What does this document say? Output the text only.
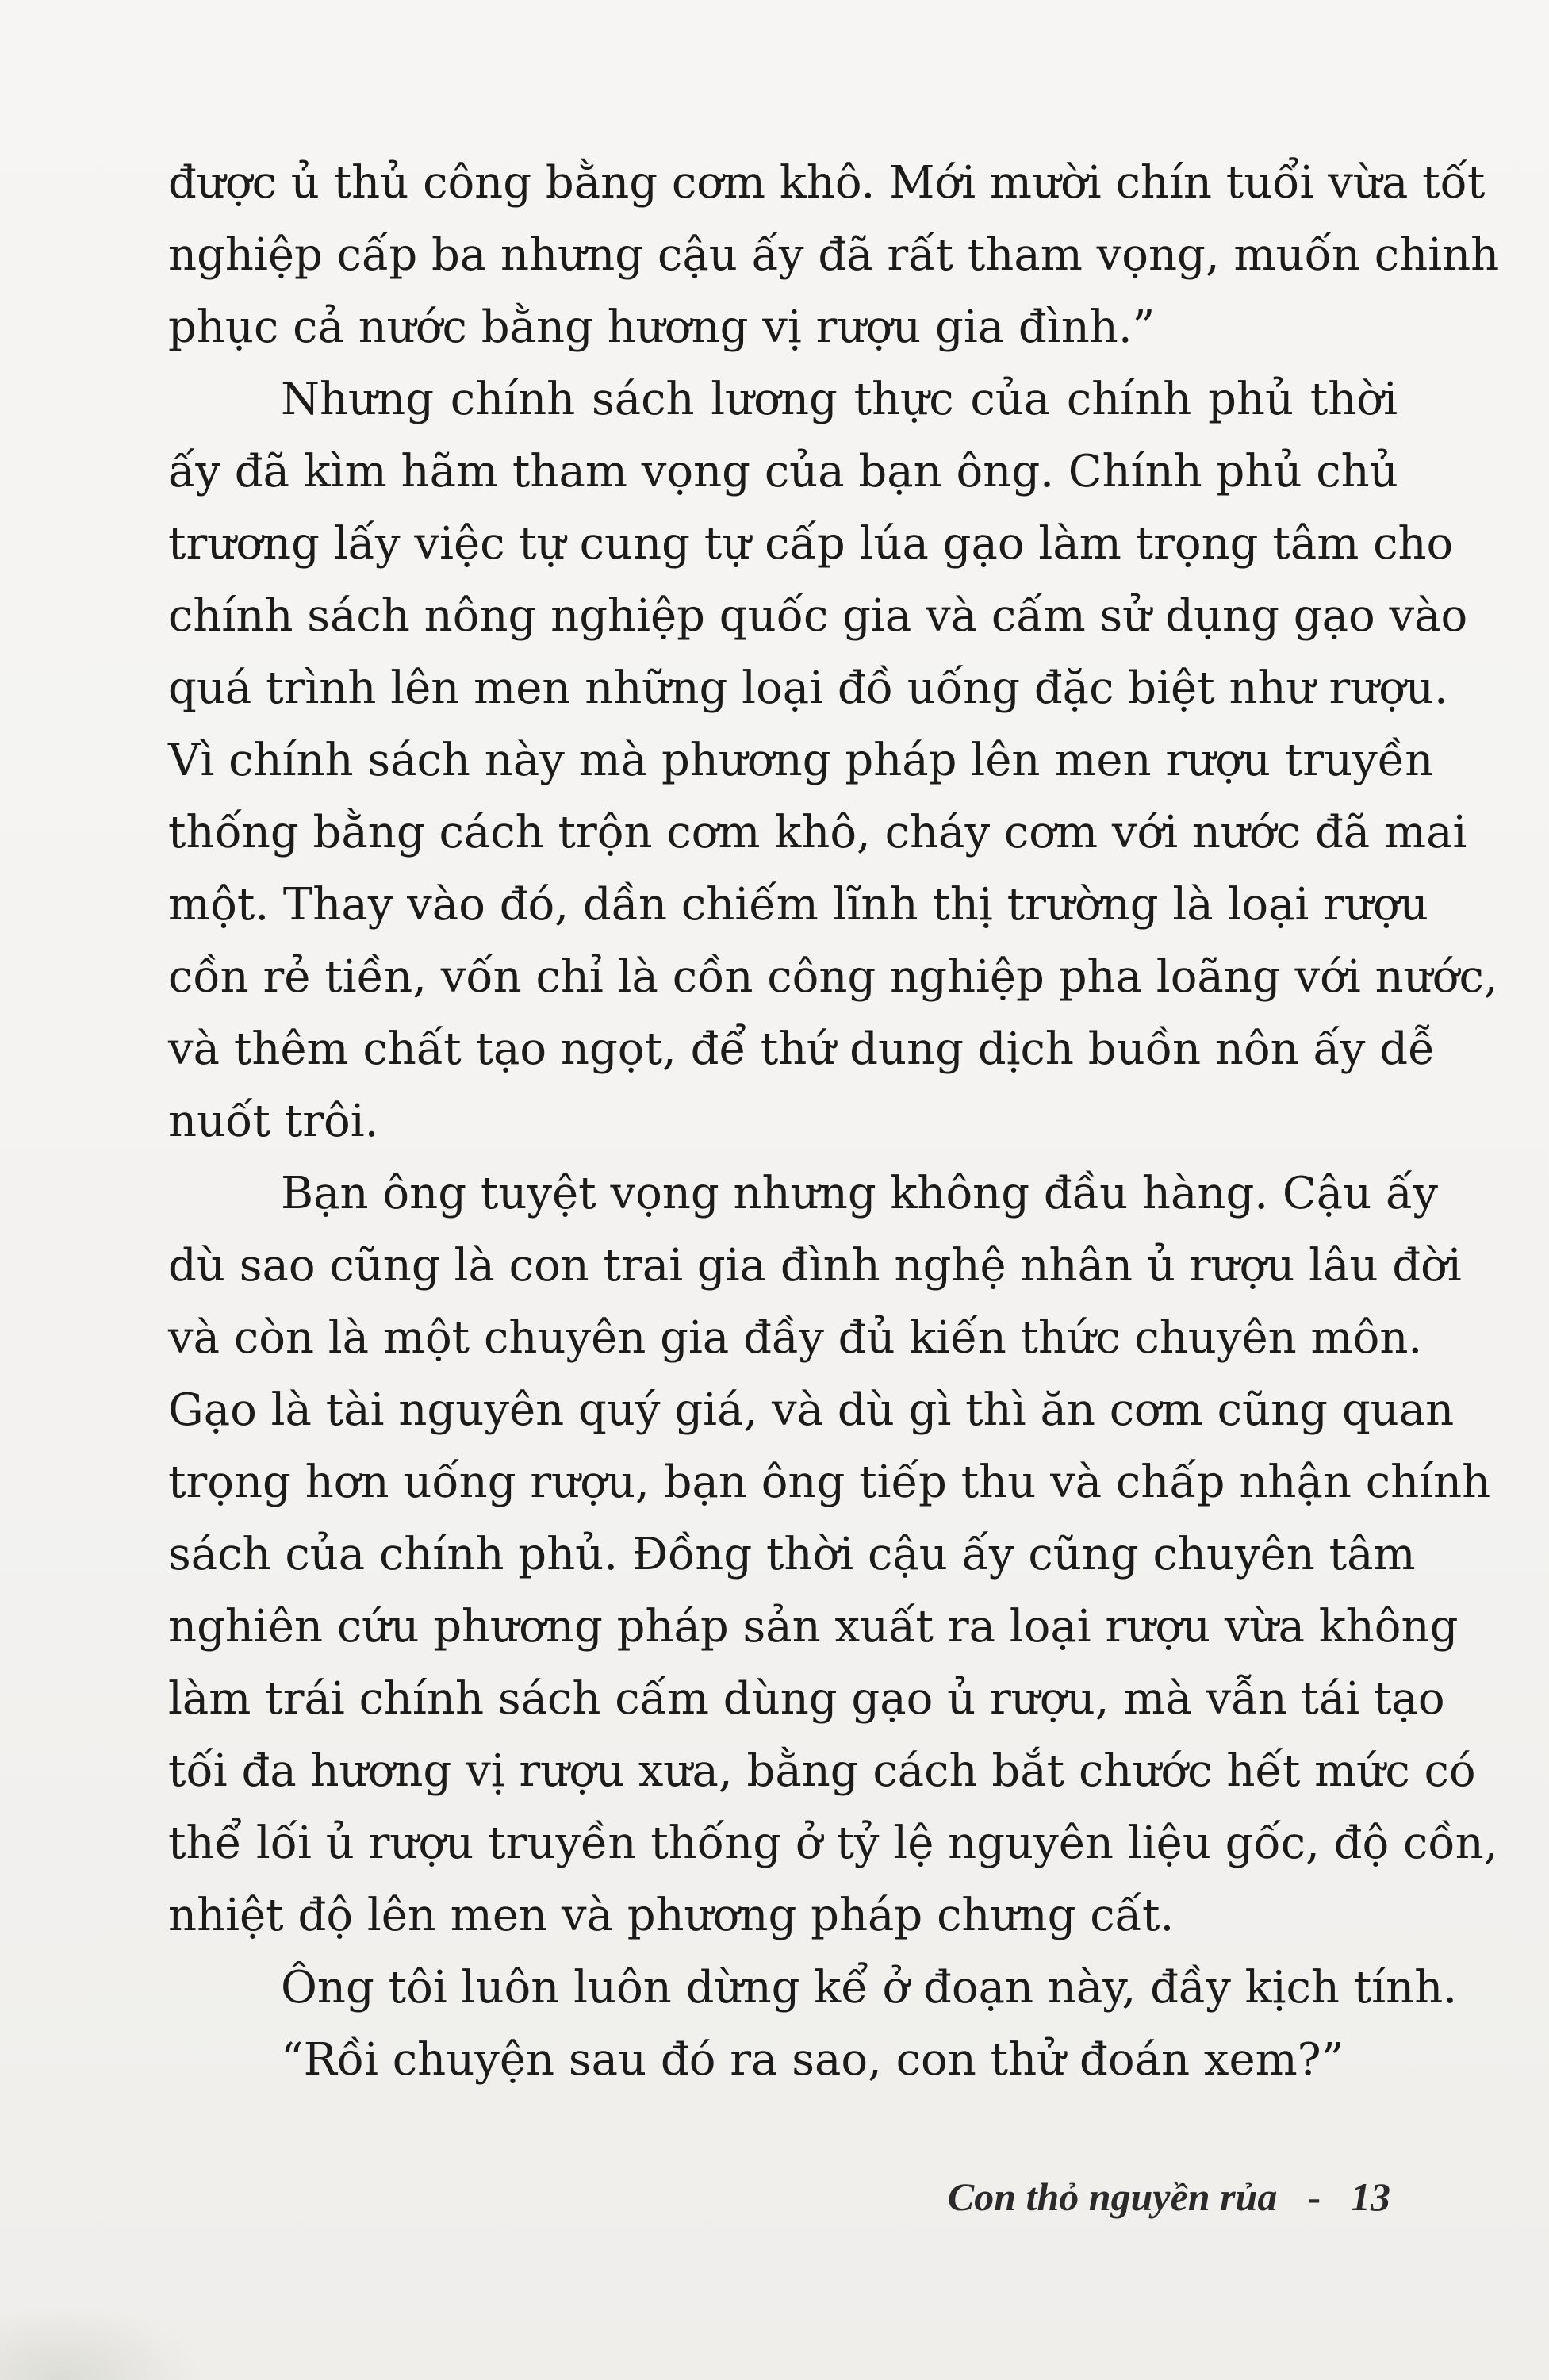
được ủ thủ công bằng cơm khô. Mới mười chín tuổi vừa tốt
nghiệp cấp ba nhưng cậu ấy đã rất tham vọng, muốn chinh
phục cả nước bằng hương vị rượu gia đình.”
Nhưng chính sách lương thực của chính phủ thời
ấy đã kìm hãm tham vọng của bạn ông. Chính phủ chủ
trương lấy việc tự cung tự cấp lúa gạo làm trọng tâm cho
chính sách nông nghiệp quốc gia và cấm sử dụng gạo vào
quá trình lên men những loại đồ uống đặc biệt như rượu.
Vì chính sách này mà phương pháp lên men rượu truyền
thống bằng cách trộn cơm khô, cháy cơm với nước đã mai
một. Thay vào đó, dần chiếm lĩnh thị trường là loại rượu
cồn rẻ tiền, vốn chỉ là cồn công nghiệp pha loãng với nước,
và thêm chất tạo ngọt, để thứ dung dịch buồn nôn ấy dễ
nuốt trôi.
Bạn ông tuyệt vọng nhưng không đầu hàng. Cậu ấy
dù sao cũng là con trai gia đình nghệ nhân ủ rượu lâu đời
và còn là một chuyên gia đầy đủ kiến thức chuyên môn.
Gạo là tài nguyên quý giá, và dù gì thì ăn cơm cũng quan
trọng hơn uống rượu, bạn ông tiếp thu và chấp nhận chính
sách của chính phủ. Đồng thời cậu ấy cũng chuyên tâm
nghiên cứu phương pháp sản xuất ra loại rượu vừa không
làm trái chính sách cấm dùng gạo ủ rượu, mà vẫn tái tạo
tối đa hương vị rượu xưa, bằng cách bắt chước hết mức có
thể lối ủ rượu truyền thống ở tỷ lệ nguyên liệu gốc, độ cồn,
nhiệt độ lên men và phương pháp chưng cất.
Ông tôi luôn luôn dừng kể ở đoạn này, đầy kịch tính.
“Rồi chuyện sau đó ra sao, con thử đoán xem?”
Con thỏ nguyền rủa - 13
